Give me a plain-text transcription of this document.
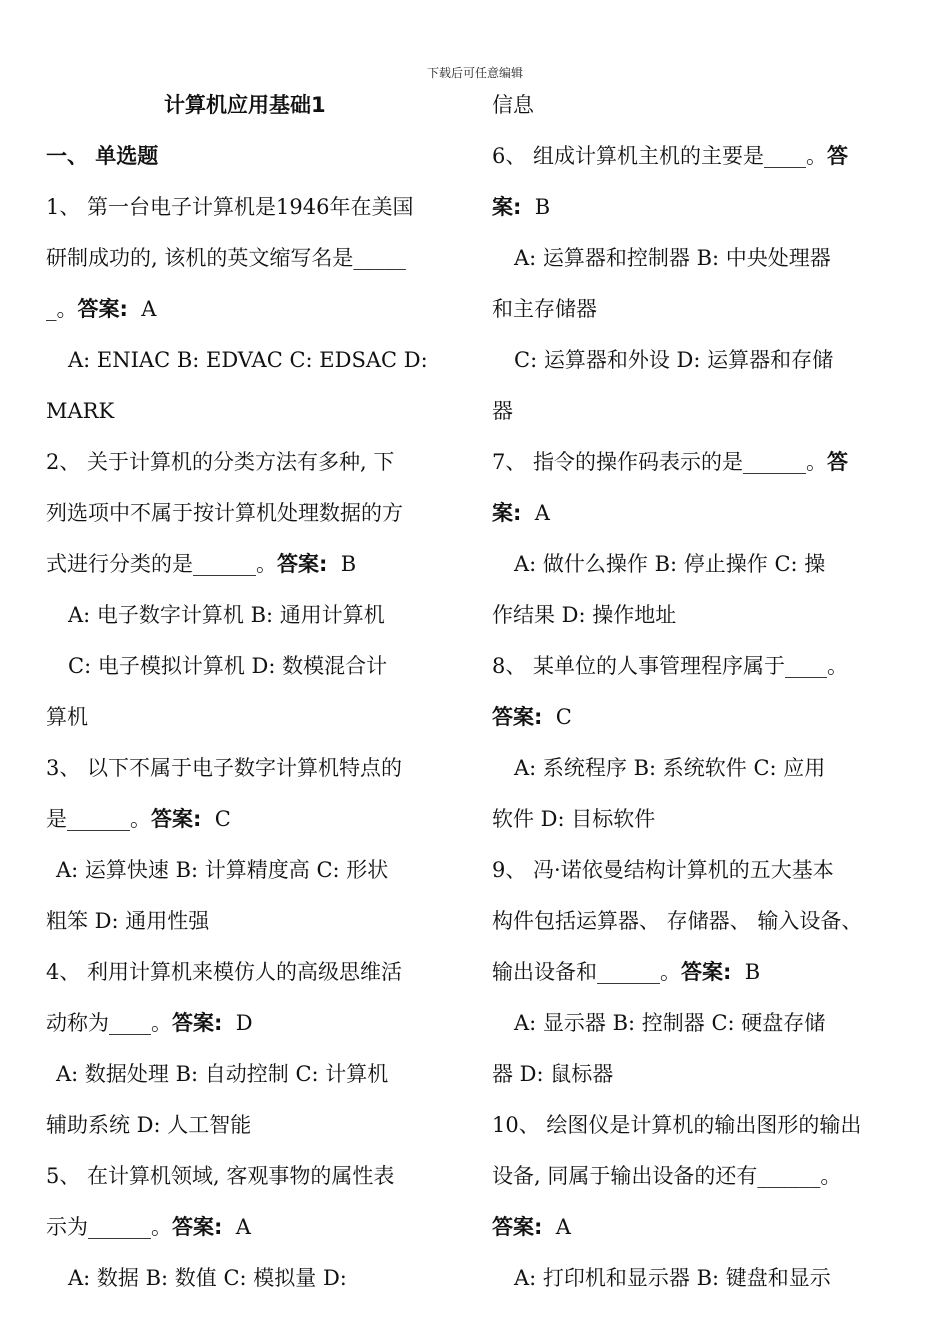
下载后可任意编辑
计算机应用基础1
一、 单选题
1、 第一台电子计算机是1946年在美国
研制成功的, 该机的英文缩写名是_____
_。答案:  A
A: ENIAC B: EDVAC C: EDSAC D:
MARK
2、 关于计算机的分类方法有多种, 下
列选项中不属于按计算机处理数据的方
式进行分类的是______。答案:  B
A: 电子数字计算机 B: 通用计算机
C: 电子模拟计算机 D: 数模混合计
算机
3、 以下不属于电子数字计算机特点的
是______。答案:  C
A: 运算快速 B: 计算精度高 C: 形状
粗笨 D: 通用性强
4、 利用计算机来模仿人的高级思维活
动称为____。答案:  D
A: 数据处理 B: 自动控制 C: 计算机
辅助系统 D: 人工智能
5、 在计算机领域, 客观事物的属性表
示为______。答案:  A
A: 数据 B: 数值 C: 模拟量 D:
信息
6、 组成计算机主机的主要是____。答
案:  B
A: 运算器和控制器 B: 中央处理器
和主存储器
C: 运算器和外设 D: 运算器和存储
器
7、 指令的操作码表示的是______。答
案:  A
A: 做什么操作 B: 停止操作 C: 操
作结果 D: 操作地址
8、 某单位的人事管理程序属于____。
答案:  C
A: 系统程序 B: 系统软件 C: 应用
软件 D: 目标软件
9、 冯·诺依曼结构计算机的五大基本
构件包括运算器、 存储器、 输入设备、
输出设备和______。答案:  B
A: 显示器 B: 控制器 C: 硬盘存储
器 D: 鼠标器
10、 绘图仪是计算机的输出图形的输出
设备, 同属于输出设备的还有______。
答案:  A
A: 打印机和显示器 B: 键盘和显示
